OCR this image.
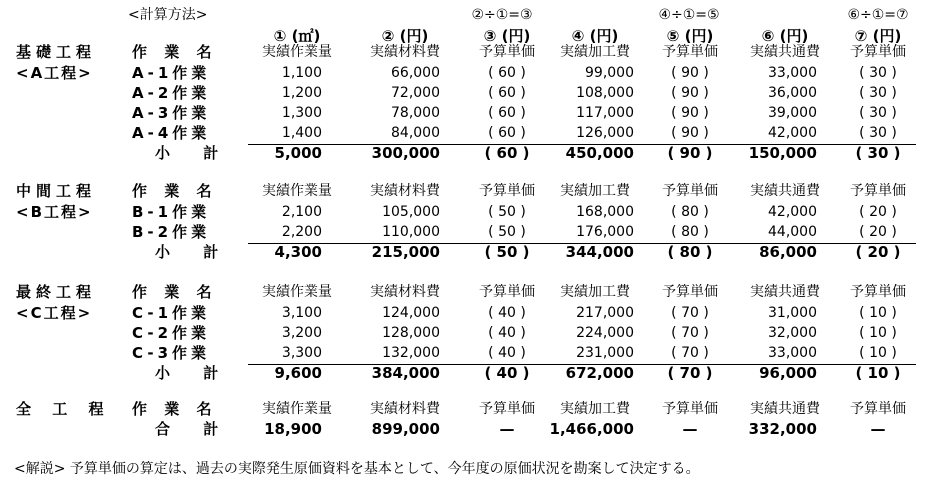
<計算方法>	②÷①=③	④÷①=⑤	⑥÷①=⑦
<解説> 予算単価の算定は、過去の実際発生原価資料を基本として、今年度の原価状況を勘案して決定する。
① (㎡)	② (円)	③ (円)	④ (円)	⑤ (円)	⑥ (円)	⑦ (円)
基礎工程 作 業 名	実績作業量	実績材料費	予算単価	実績加工費	予算単価	実績共通費	予算単価
<A工程>	A-1作業	1,100	66,000	( 60 )	99,000	( 90 )	33,000	( 30 )
A-2作業	1,200	72,000	( 60 )	108,000	( 90 )	36,000	( 30 )
A-3作業	1,300	78,000	( 60 )	117,000	( 90 )	39,000	( 30 )
A-4作業	1,400	84,000	( 60 )	126,000	( 90 )	42,000	( 30 )
小 計	5,000	300,000	( 60 )	450,000	( 90 )	150,000	( 30 )
中間工程 作 業 名	実績作業量	実績材料費	予算単価	実績加工費	予算単価	実績共通費	予算単価
<B工程>	B-1作業	2,100	105,000	( 50 )	168,000	( 80 )	42,000	( 20 )
B-2作業	2,200	110,000	( 50 )	176,000	( 80 )	44,000	( 20 )
小 計	4,300	215,000	( 50 )	344,000	( 80 )	86,000	( 20 )
最終工程 作 業 名	実績作業量	実績材料費	予算単価	実績加工費	予算単価	実績共通費	予算単価
<C工程>	C-1作業	3,100	124,000	( 40 )	217,000	( 70 )	31,000	( 10 )
C-2作業	3,200	128,000	( 40 )	224,000	( 70 )	32,000	( 10 )
C-3作業	3,300	132,000	( 40 )	231,000	( 70 )	33,000	( 10 )
小 計	9,600	384,000	( 40 )	672,000	( 70 )	96,000	( 10 )
全 工 程 作 業 名	実績作業量	実績材料費	予算単価	実績加工費	予算単価	実績共通費	予算単価
合 計	18,900	899,000	—	1,466,000	—	332,000	—
